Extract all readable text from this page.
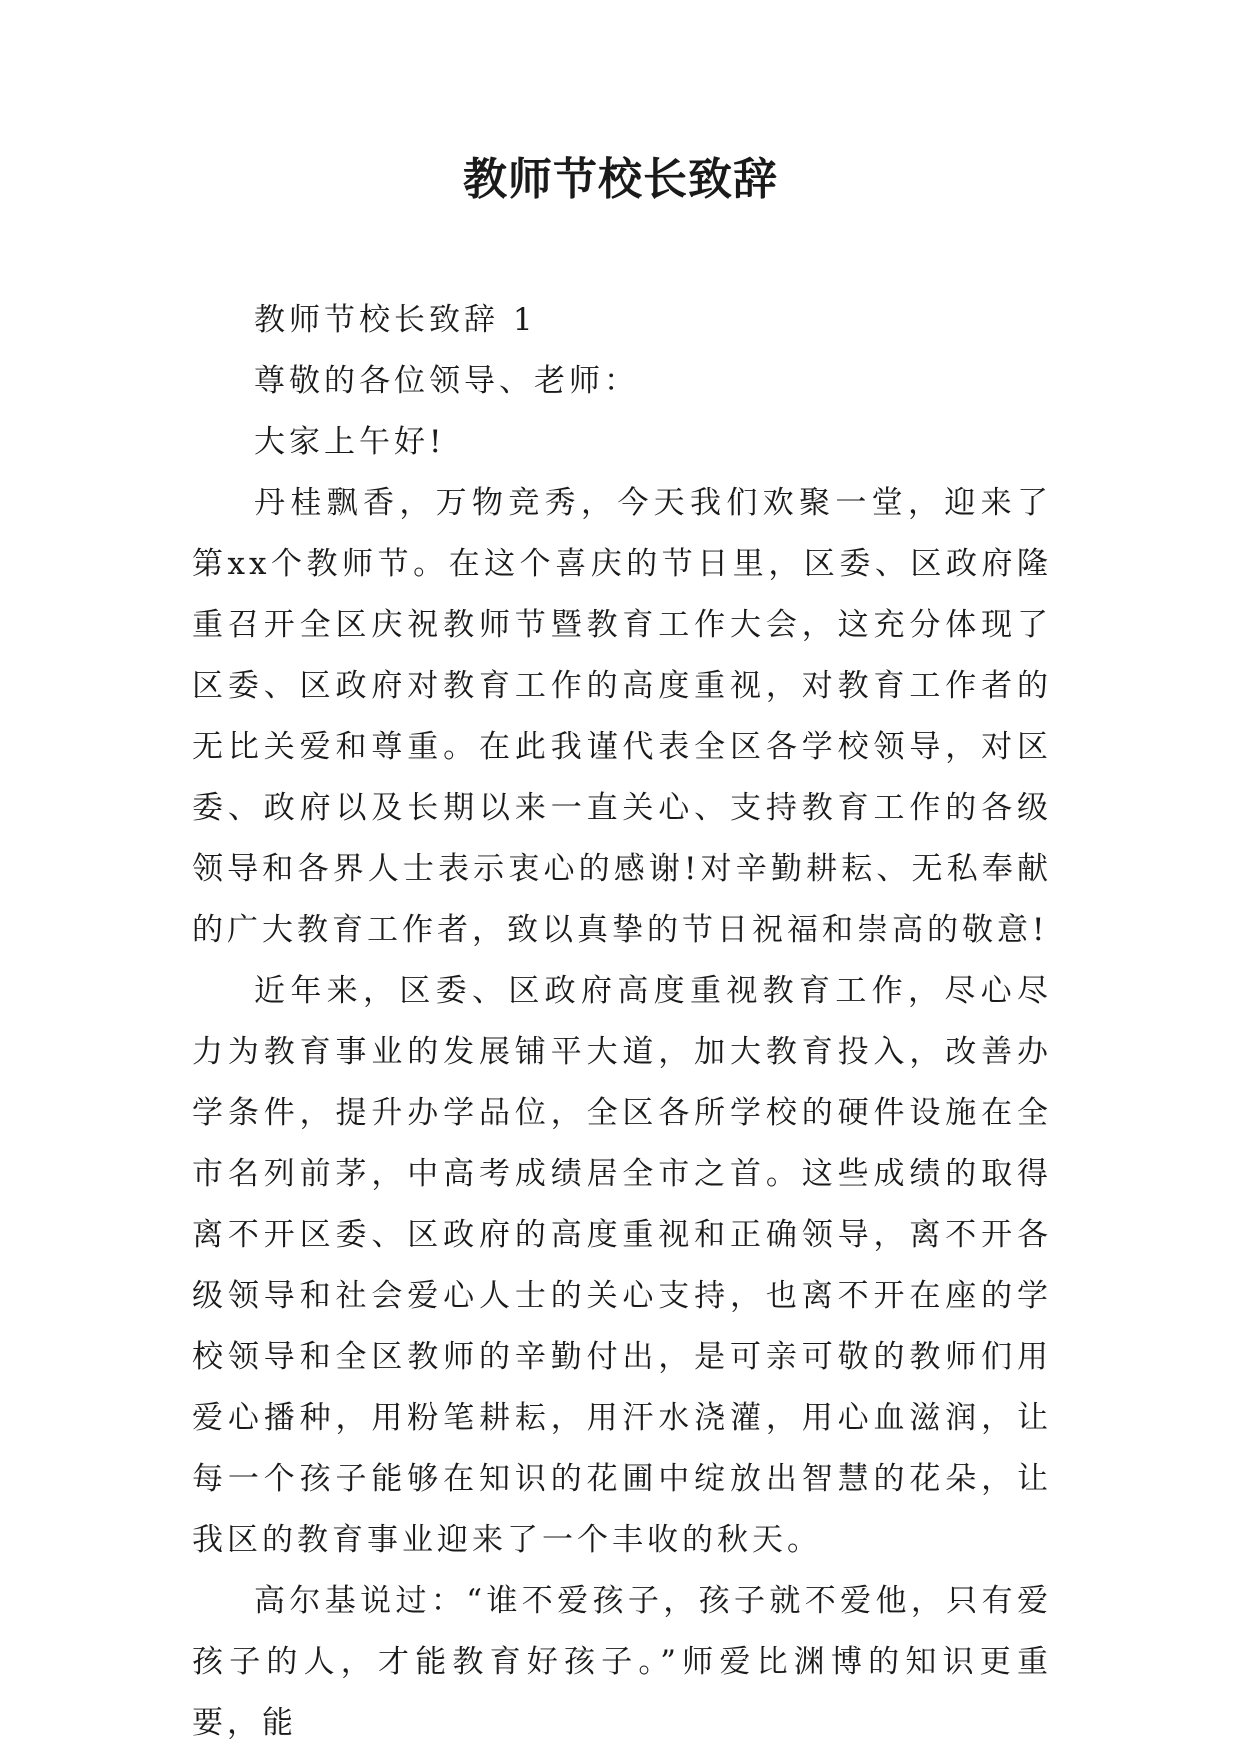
教师节校长致辞

教师节校长致辞 1

尊敬的各位领导、老师：

大家上午好!

丹桂飘香，万物竞秀，今天我们欢聚一堂，迎来了第xx个教师节。在这个喜庆的节日里，区委、区政府隆重召开全区庆祝教师节暨教育工作大会，这充分体现了区委、区政府对教育工作的高度重视，对教育工作者的无比关爱和尊重。在此我谨代表全区各学校领导，对区委、政府以及长期以来一直关心、支持教育工作的各级领导和各界人士表示衷心的感谢!对辛勤耕耘、无私奉献的广大教育工作者，致以真挚的节日祝福和崇高的敬意!

近年来，区委、区政府高度重视教育工作，尽心尽力为教育事业的发展铺平大道，加大教育投入，改善办学条件，提升办学品位，全区各所学校的硬件设施在全市名列前茅，中高考成绩居全市之首。这些成绩的取得离不开区委、区政府的高度重视和正确领导，离不开各级领导和社会爱心人士的关心支持，也离不开在座的学校领导和全区教师的辛勤付出，是可亲可敬的教师们用爱心播种，用粉笔耕耘，用汗水浇灌，用心血滋润，让每一个孩子能够在知识的花圃中绽放出智慧的花朵，让我区的教育事业迎来了一个丰收的秋天。

高尔基说过：“谁不爱孩子，孩子就不爱他，只有爱孩子的人，才能教育好孩子。”师爱比渊博的知识更重要，能
